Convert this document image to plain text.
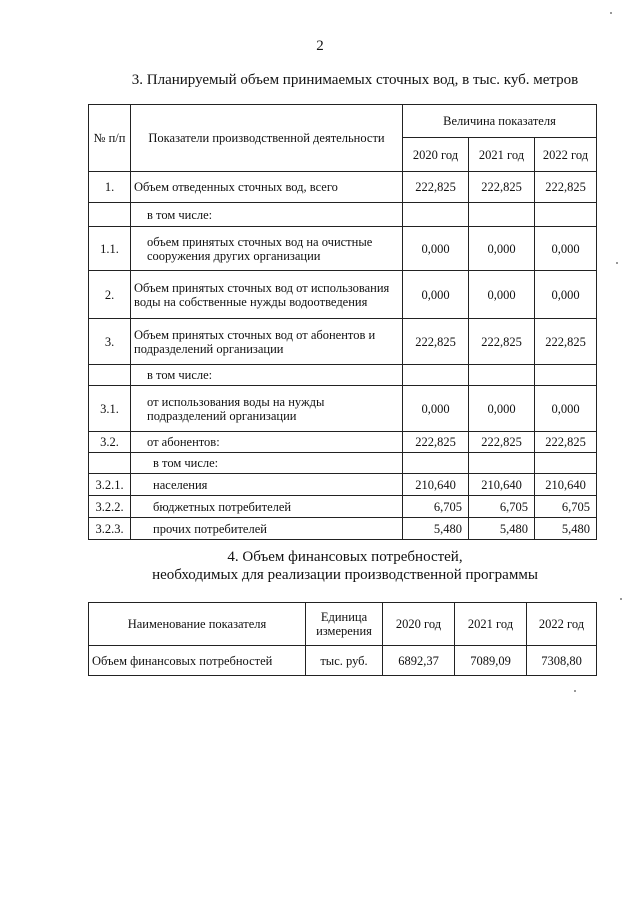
2
3. Планируемый объем принимаемых сточных вод, в тыс. куб. метров
№ п/п	Показатели производственной деятельности	Величина показателя		
		2020 год	2021 год	2022 год
1.	Объем отведенных сточных вод, всего	222,825	222,825	222,825
	в том числе:			
1.1.	объем принятых сточных вод на очистные сооружения других организации	0,000	0,000	0,000
2.	Объем принятых сточных вод от использования воды на собственные нужды водоотведения	0,000	0,000	0,000
3.	Объем принятых сточных вод от абонентов и подразделений организации	222,825	222,825	222,825
	в том числе:			
3.1.	от использования воды на нужды подразделений организации	0,000	0,000	0,000
3.2.	от абонентов:	222,825	222,825	222,825
	в том числе:			
3.2.1.	населения	210,640	210,640	210,640
3.2.2.	бюджетных потребителей	6,705	6,705	6,705
3.2.3.	прочих потребителей	5,480	5,480	5,480
4. Объем финансовых потребностей,
необходимых для реализации производственной программы
Наименование показателя	Единица измерения	2020 год	2021 год	2022 год
Объем финансовых потребностей	тыс. руб.	6892,37	7089,09	7308,80
